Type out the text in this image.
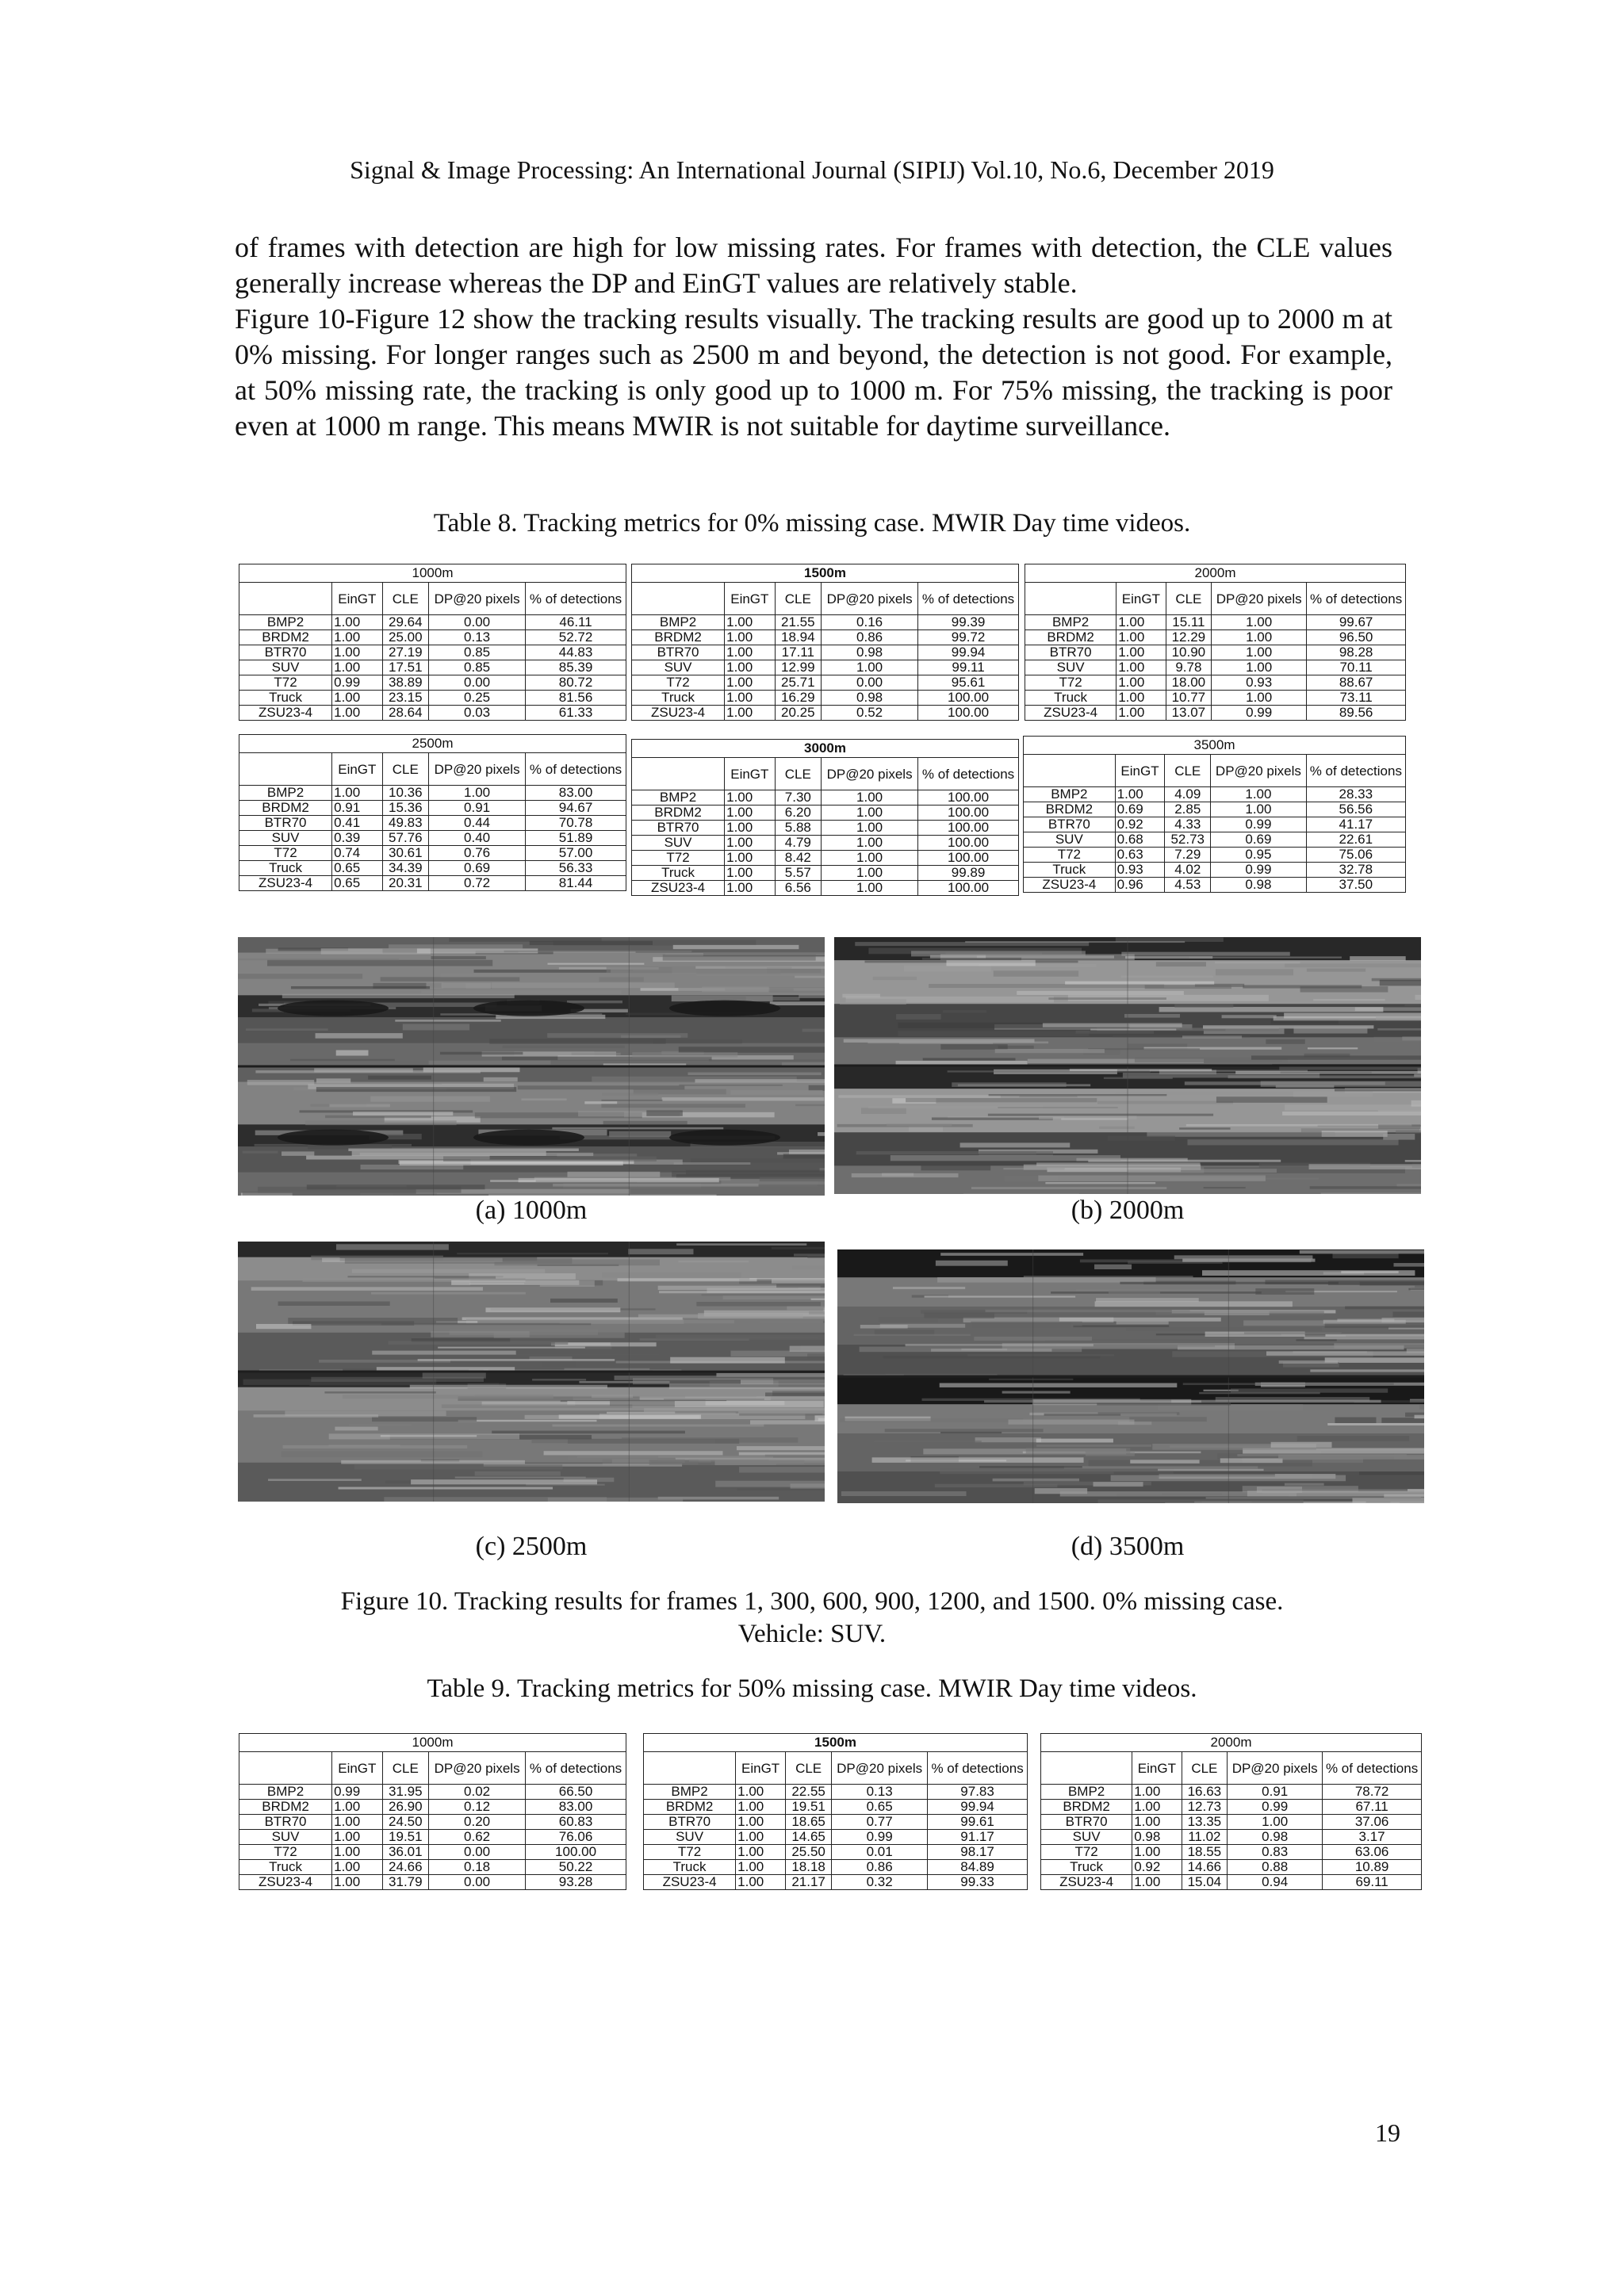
Signal & Image Processing: An International Journal (SIPIJ) Vol.10, No.6, December 2019

of frames with detection are high for low missing rates. For frames with detection, the CLE values generally increase whereas the DP and EinGT values are relatively stable.

Figure 10-Figure 12 show the tracking results visually. The tracking results are good up to 2000 m at 0% missing. For longer ranges such as 2500 m and beyond, the detection is not good. For example, at 50% missing rate, the tracking is only good up to 1000 m. For 75% missing, the tracking is poor even at 1000 m range. This means MWIR is not suitable for daytime surveillance.

Table 8. Tracking metrics for 0% missing case. MWIR Day time videos.
1000m				
	EinGT	CLE	DP@20 pixels	% of detections
BMP2	1.00	29.64	0.00	46.11
BRDM2	1.00	25.00	0.13	52.72
BTR70	1.00	27.19	0.85	44.83
SUV	1.00	17.51	0.85	85.39
T72	0.99	38.89	0.00	80.72
Truck	1.00	23.15	0.25	81.56
ZSU23-4	1.00	28.64	0.03	61.33
1500m				
	EinGT	CLE	DP@20 pixels	% of detections
BMP2	1.00	21.55	0.16	99.39
BRDM2	1.00	18.94	0.86	99.72
BTR70	1.00	17.11	0.98	99.94
SUV	1.00	12.99	1.00	99.11
T72	1.00	25.71	0.00	95.61
Truck	1.00	16.29	0.98	100.00
ZSU23-4	1.00	20.25	0.52	100.00
2000m				
	EinGT	CLE	DP@20 pixels	% of detections
BMP2	1.00	15.11	1.00	99.67
BRDM2	1.00	12.29	1.00	96.50
BTR70	1.00	10.90	1.00	98.28
SUV	1.00	9.78	1.00	70.11
T72	1.00	18.00	0.93	88.67
Truck	1.00	10.77	1.00	73.11
ZSU23-4	1.00	13.07	0.99	89.56
2500m				
	EinGT	CLE	DP@20 pixels	% of detections
BMP2	1.00	10.36	1.00	83.00
BRDM2	0.91	15.36	0.91	94.67
BTR70	0.41	49.83	0.44	70.78
SUV	0.39	57.76	0.40	51.89
T72	0.74	30.61	0.76	57.00
Truck	0.65	34.39	0.69	56.33
ZSU23-4	0.65	20.31	0.72	81.44
3000m				
	EinGT	CLE	DP@20 pixels	% of detections
BMP2	1.00	7.30	1.00	100.00
BRDM2	1.00	6.20	1.00	100.00
BTR70	1.00	5.88	1.00	100.00
SUV	1.00	4.79	1.00	100.00
T72	1.00	8.42	1.00	100.00
Truck	1.00	5.57	1.00	99.89
ZSU23-4	1.00	6.56	1.00	100.00
3500m				
	EinGT	CLE	DP@20 pixels	% of detections
BMP2	1.00	4.09	1.00	28.33
BRDM2	0.69	2.85	1.00	56.56
BTR70	0.92	4.33	0.99	41.17
SUV	0.68	52.73	0.69	22.61
T72	0.63	7.29	0.95	75.06
Truck	0.93	4.02	0.99	32.78
ZSU23-4	0.96	4.53	0.98	37.50
(a) 1000m	(b) 2000m
(c) 2500m	(d) 3500m
Figure 10. Tracking results for frames 1, 300, 600, 900, 1200, and 1500. 0% missing case.
Vehicle: SUV.
Table 9. Tracking metrics for 50% missing case. MWIR Day time videos.
1000m				
	EinGT	CLE	DP@20 pixels	% of detections
BMP2	0.99	31.95	0.02	66.50
BRDM2	1.00	26.90	0.12	83.00
BTR70	1.00	24.50	0.20	60.83
SUV	1.00	19.51	0.62	76.06
T72	1.00	36.01	0.00	100.00
Truck	1.00	24.66	0.18	50.22
ZSU23-4	1.00	31.79	0.00	93.28
1500m				
	EinGT	CLE	DP@20 pixels	% of detections
BMP2	1.00	22.55	0.13	97.83
BRDM2	1.00	19.51	0.65	99.94
BTR70	1.00	18.65	0.77	99.61
SUV	1.00	14.65	0.99	91.17
T72	1.00	25.50	0.01	98.17
Truck	1.00	18.18	0.86	84.89
ZSU23-4	1.00	21.17	0.32	99.33
2000m				
	EinGT	CLE	DP@20 pixels	% of detections
BMP2	1.00	16.63	0.91	78.72
BRDM2	1.00	12.73	0.99	67.11
BTR70	1.00	13.35	1.00	37.06
SUV	0.98	11.02	0.98	3.17
T72	1.00	18.55	0.83	63.06
Truck	0.92	14.66	0.88	10.89
ZSU23-4	1.00	15.04	0.94	69.11
19
